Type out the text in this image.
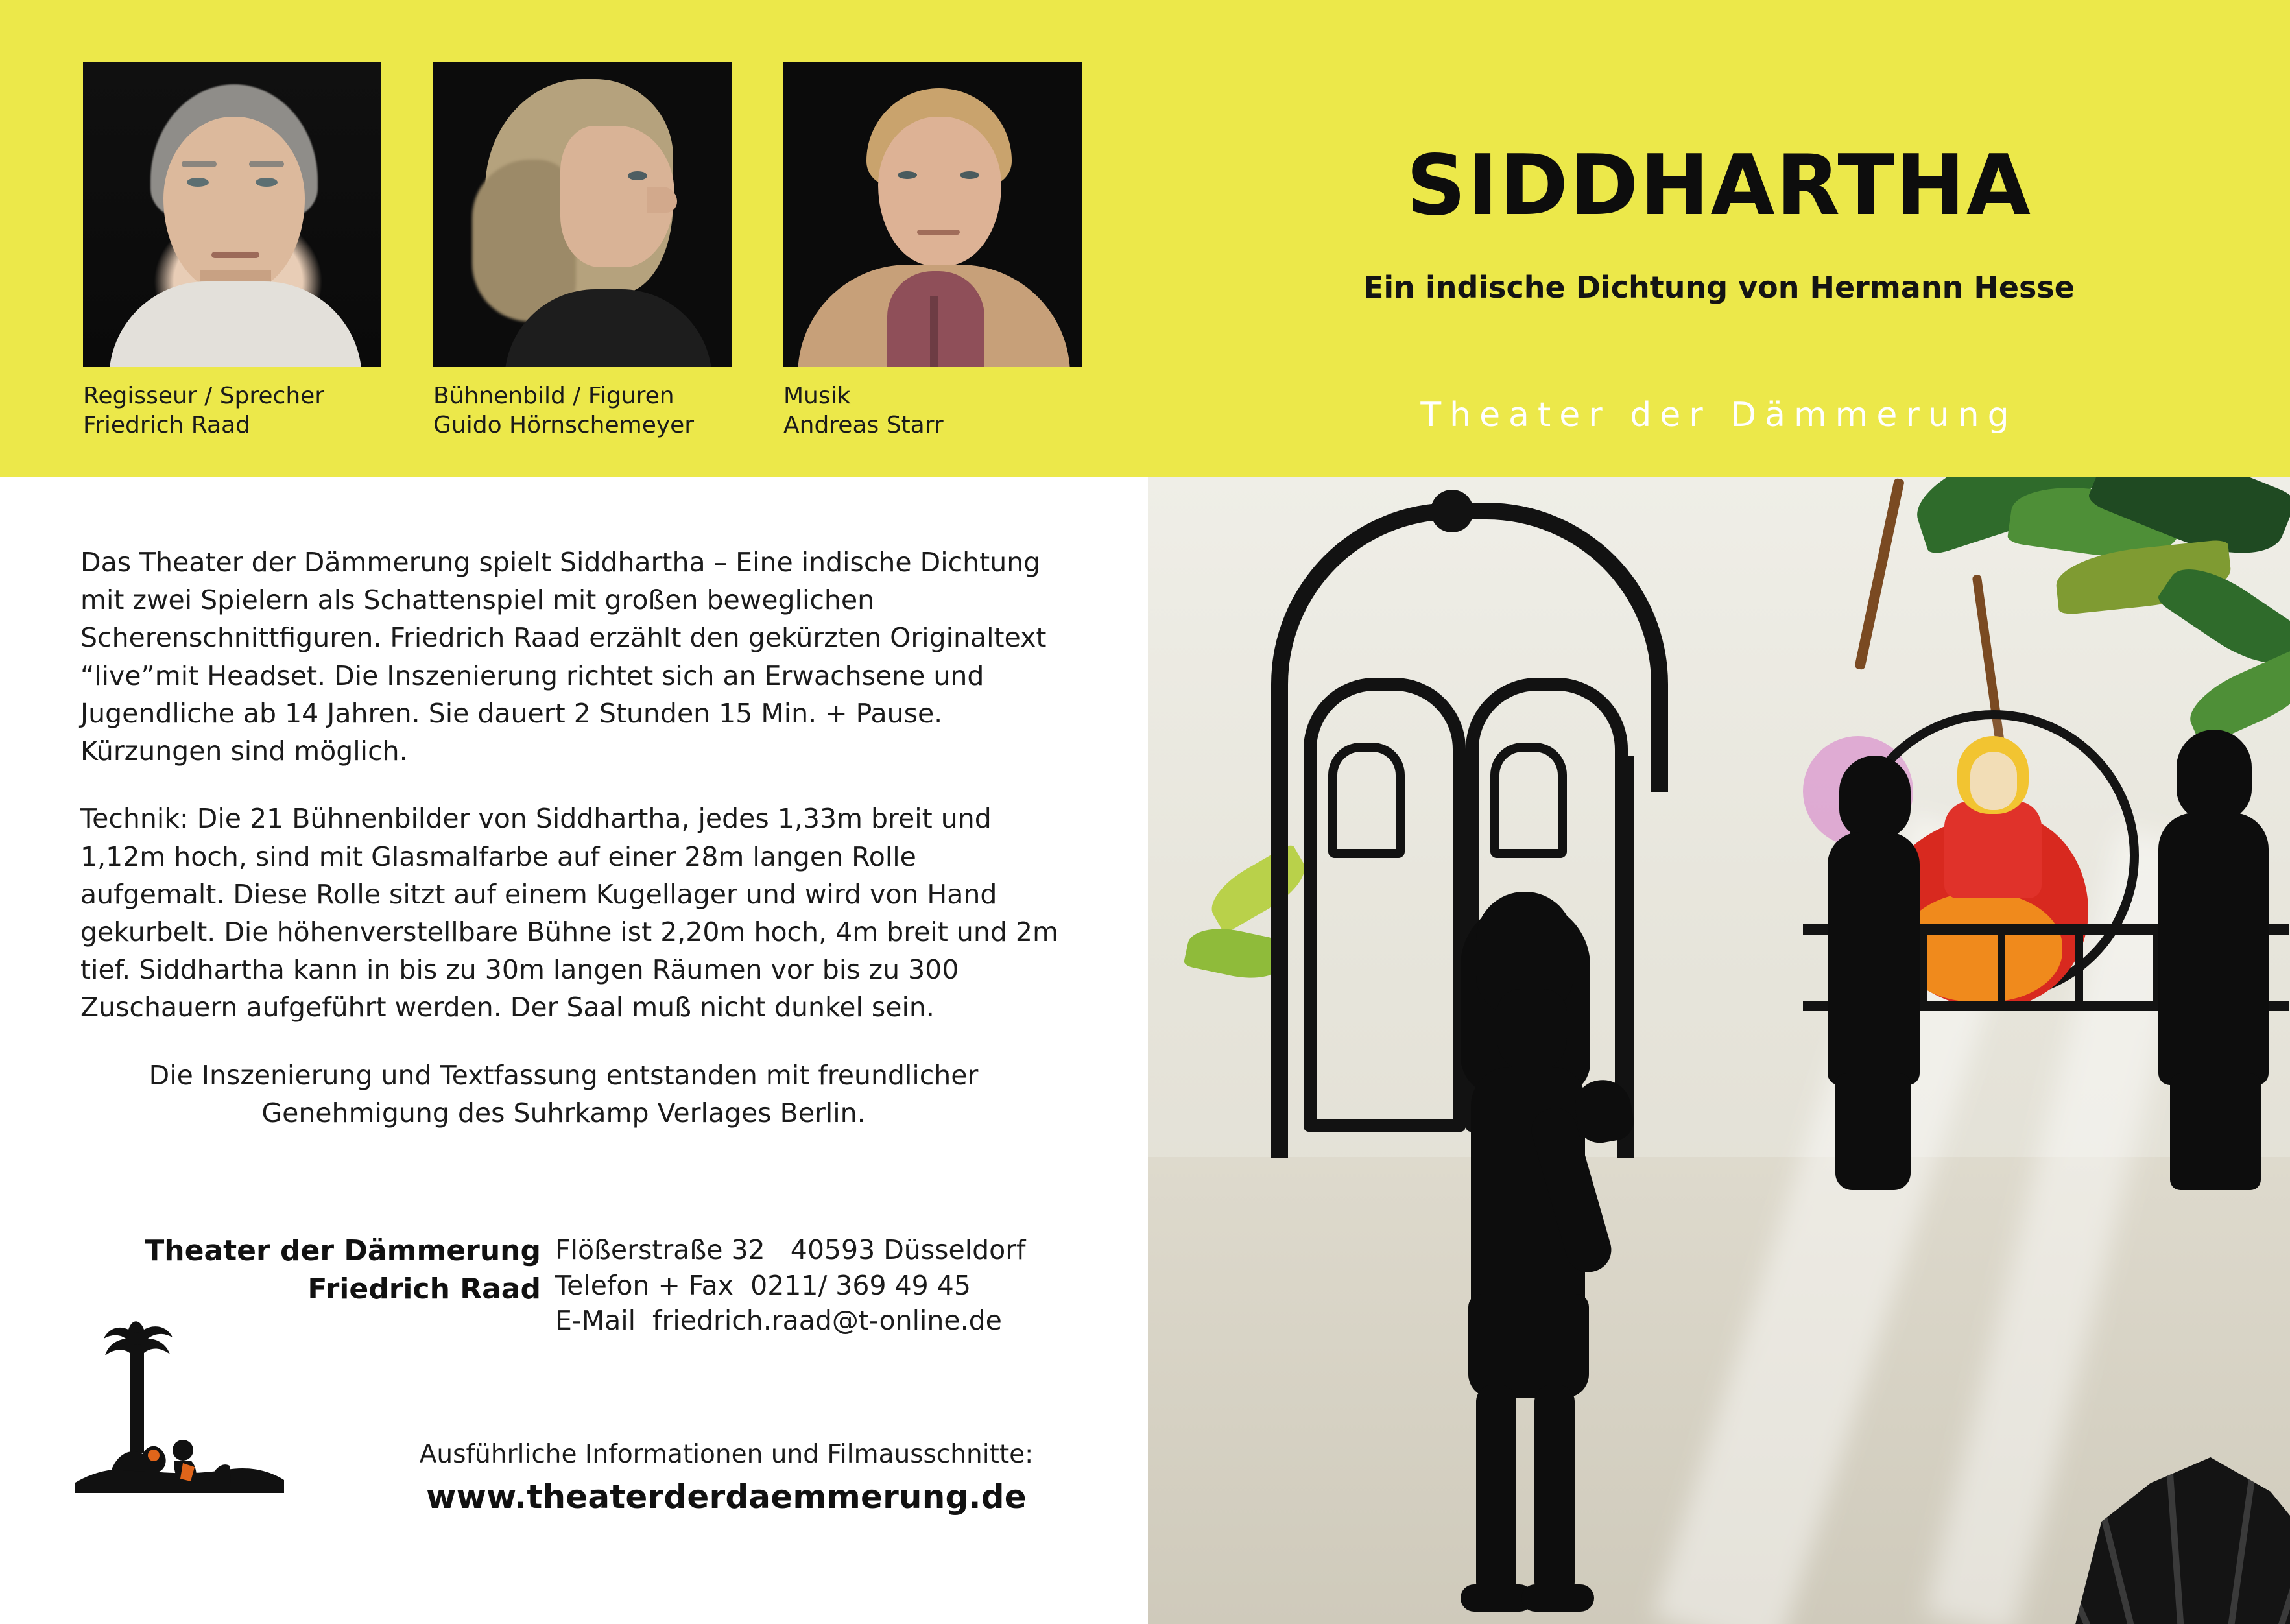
Regisseur / Sprecher
Friedrich Raad
Bühnenbild / Figuren
Guido Hörnschemeyer
Musik
Andreas Starr

Das Theater der Dämmerung spielt Siddhartha – Eine indische Dichtung mit zwei Spielern als Schattenspiel mit großen beweglichen Scherenschnittfiguren. Friedrich Raad erzählt den gekürzten Originaltext “live”mit Headset. Die Inszenierung richtet sich an Erwachsene und Jugendliche ab 14 Jahren. Sie dauert 2 Stunden 15 Min. + Pause. Kürzungen sind möglich.

Technik: Die 21 Bühnenbilder von Siddhartha, jedes 1,33m breit und 1,12m hoch, sind mit Glasmalfarbe auf einer 28m langen Rolle aufgemalt. Diese Rolle sitzt auf einem Kugellager und wird von Hand gekurbelt. Die höhenverstellbare Bühne ist 2,20m hoch, 4m breit und 2m tief. Siddhartha kann in bis zu 30m langen Räumen vor bis zu 300 Zuschauern aufgeführt werden. Der Saal muß nicht dunkel sein.

Die Inszenierung und Textfassung entstanden mit freundlicher Genehmigung des Suhrkamp Verlages Berlin.

Theater der Dämmerung
Friedrich Raad
Flößerstraße 32   40593 Düsseldorf
Telefon + Fax  0211/ 369 49 45
E-Mail  friedrich.raad@t-online.de
Ausführliche Informationen und Filmausschnitte:
www.theaterderdaemmerung.de
SIDDHARTHA
Ein indische Dichtung von Hermann Hesse
Theater der Dämmerung
